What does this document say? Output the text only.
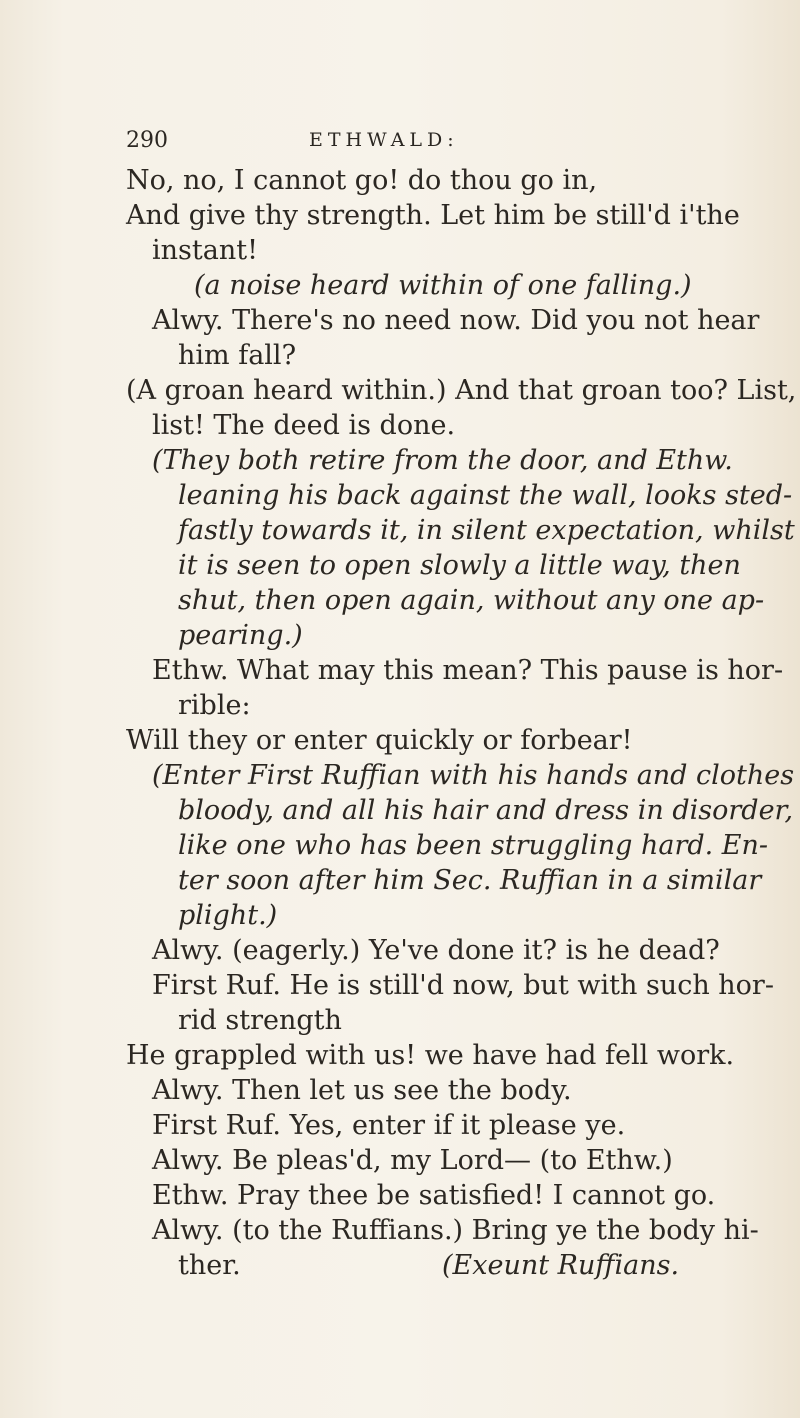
290	ETHWALD:
No, no, I cannot go! do thou go in,
And give thy strength. Let him be still'd i'the
instant!
(a noise heard within of one falling.)
Alwy. There's no need now. Did you not hear
him fall?
(A groan heard within.) And that groan too? List,
list! The deed is done.
(They both retire from the door, and Ethw.
leaning his back against the wall, looks sted-
fastly towards it, in silent expectation, whilst
it is seen to open slowly a little way, then
shut, then open again, without any one ap-
pearing.)
Ethw. What may this mean? This pause is hor-
rible:
Will they or enter quickly or forbear!
(Enter First Ruffian with his hands and clothes
bloody, and all his hair and dress in disorder,
like one who has been struggling hard. En-
ter soon after him Sec. Ruffian in a similar
plight.)
Alwy. (eagerly.) Ye've done it? is he dead?
First Ruf. He is still'd now, but with such hor-
rid strength
He grappled with us! we have had fell work.
Alwy. Then let us see the body.
First Ruf. Yes, enter if it please ye.
Alwy. Be pleas'd, my Lord— (to Ethw.)
Ethw. Pray thee be satisfied! I cannot go.
Alwy. (to the Ruffians.) Bring ye the body hi-
ther.	(Exeunt Ruffians.
